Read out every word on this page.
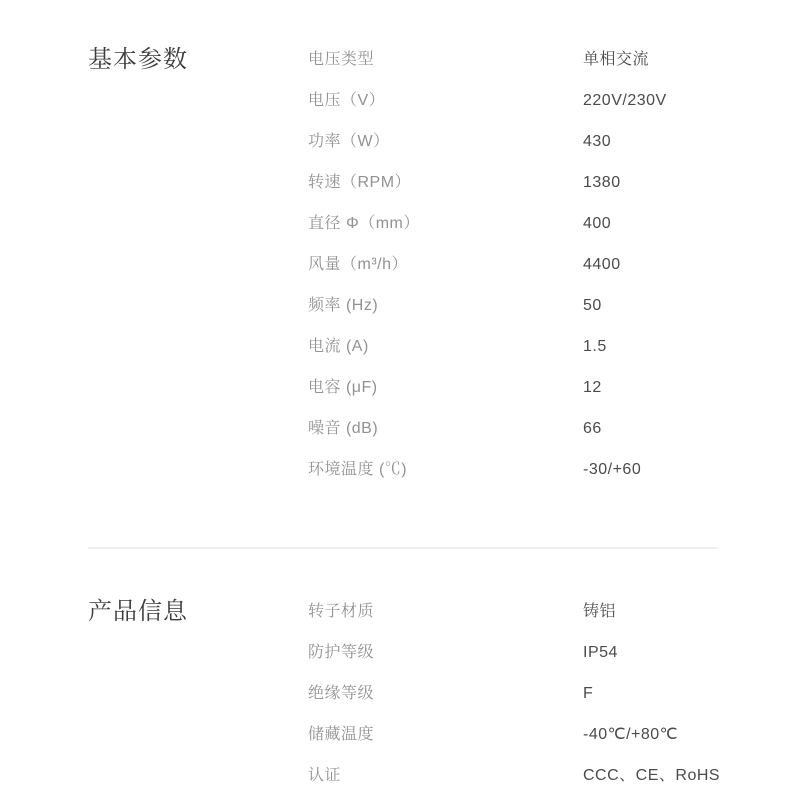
基本参数	电压类型	单相交流
电压（V）	220V/230V
功率（W）	430
转速（RPM）	1380
直径 Φ（mm）	400
风量（m³/h）	4400
频率 (Hz)	50
电流 (A)	1.5
电容 (μF)	12
噪音 (dB)	66
环境温度 (℃)	-30/+60
产品信息	转子材质	铸铝
防护等级	IP54
绝缘等级	F
储藏温度	-40℃/+80℃
认证	CCC、CE、RoHS
